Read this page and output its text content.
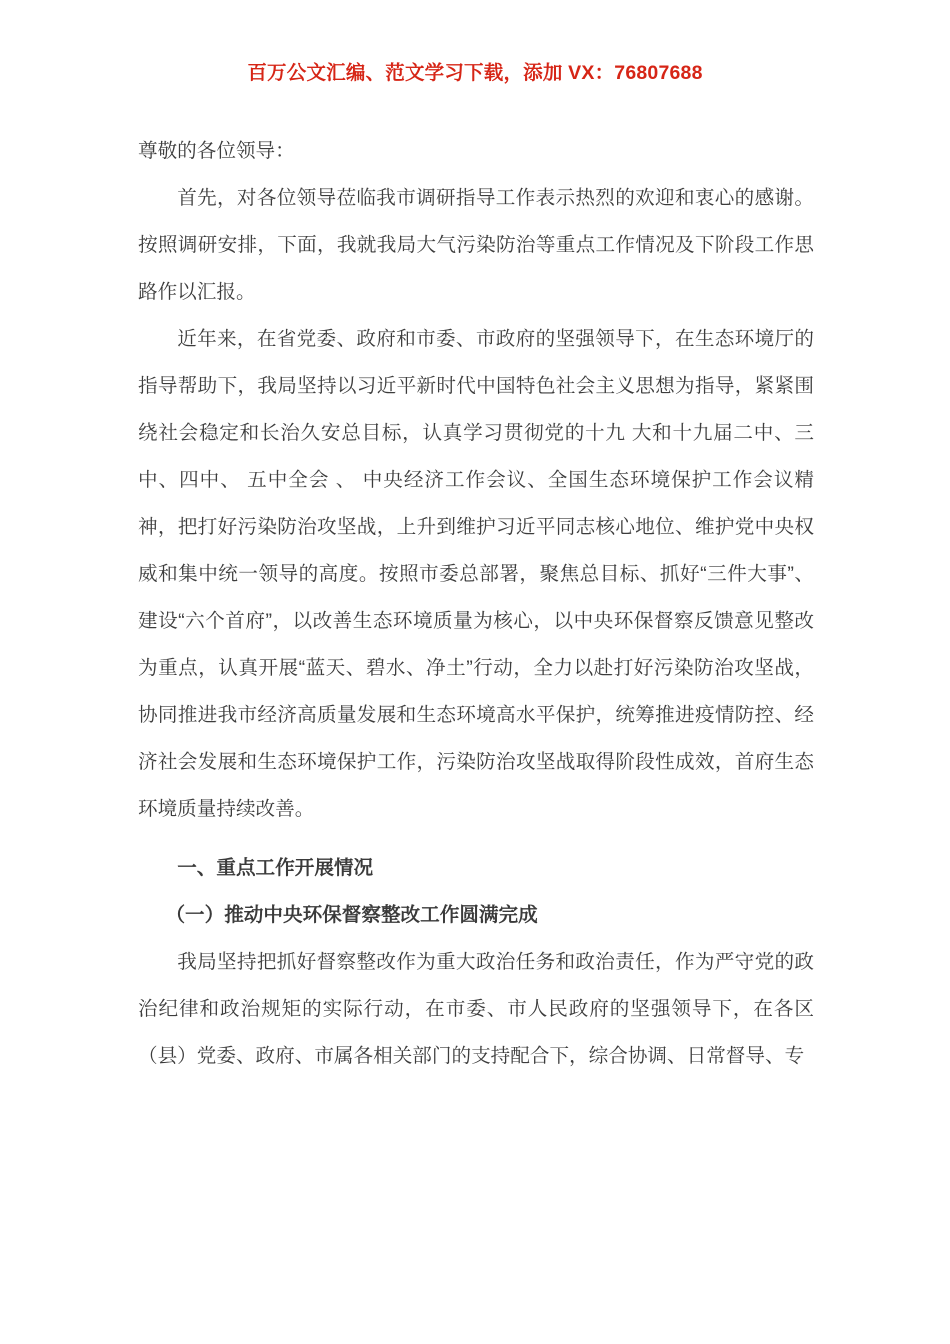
百万公文汇编、范文学习下载，添加 VX：76807688

尊敬的各位领导：

首先，对各位领导莅临我市调研指导工作表示热烈的欢迎和衷心的感谢。按照调研安排，下面，我就我局大气污染防治等重点工作情况及下阶段工作思路作以汇报。

近年来，在省党委、政府和市委、市政府的坚强领导下，在生态环境厅的指导帮助下，我局坚持以习近平新时代中国特色社会主义思想为指导，紧紧围绕社会稳定和长治久安总目标，认真学习贯彻党的十九 大和十九届二中、三中、四中、 五中全会 、 中央经济工作会议、全国生态环境保护工作会议精神，把打好污染防治攻坚战，上升到维护习近平同志核心地位、维护党中央权威和集中统一领导的高度。按照市委总部署，聚焦总目标、抓好“三件大事”、建设“六个首府”，以改善生态环境质量为核心，以中央环保督察反馈意见整改为重点，认真开展“蓝天、碧水、净土”行动，全力以赴打好污染防治攻坚战，协同推进我市经济高质量发展和生态环境高水平保护，统筹推进疫情防控、经济社会发展和生态环境保护工作，污染防治攻坚战取得阶段性成效，首府生态环境质量持续改善。

一、重点工作开展情况

（一）推动中央环保督察整改工作圆满完成

我局坚持把抓好督察整改作为重大政治任务和政治责任，作为严守党的政治纪律和政治规矩的实际行动，在市委、市人民政府的坚强领导下，在各区（县）党委、政府、市属各相关部门的支持配合下，综合协调、日常督导、专
